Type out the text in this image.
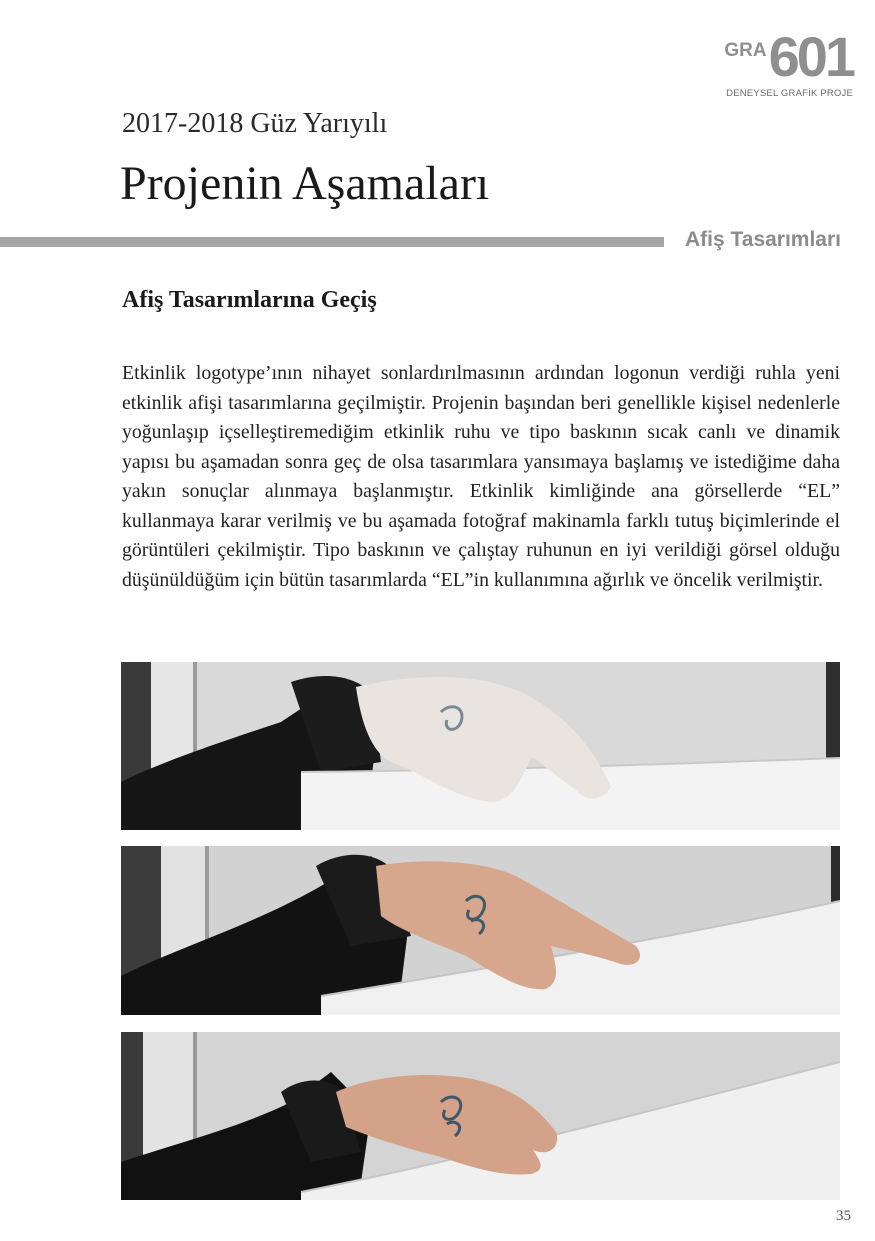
GRA 601
DENEYSEL GRAFİK PROJE
2017-2018 Güz Yarıyılı
Projenin Aşamaları
Afiş Tasarımları
Afiş Tasarımlarına Geçiş
Etkinlik logotype’ının nihayet sonlardırılmasının ardından logonun verdiği ruhla yeni etkinlik afişi tasarımlarına geçilmiştir. Projenin başından beri genellikle kişisel nedenlerle yoğunlaşıp içselleştiremediğim etkinlik ruhu ve tipo baskının sıcak canlı ve dinamik yapısı bu aşamadan sonra geç de olsa tasarımlara yansımaya başlamış ve istediğime daha yakın sonuçlar alınmaya başlanmıştır. Etkinlik kimliğinde ana görsellerde “EL” kullanmaya karar verilmiş ve bu aşamada fotoğraf makinamla farklı tutuş biçimlerinde el görüntüleri çekilmiştir. Tipo baskının ve çalıştay ruhunun en iyi verildiği görsel olduğu düşünüldüğüm için bütün tasarımlarda “EL”in kullanımına ağırlık ve öncelik verilmiştir.
35
